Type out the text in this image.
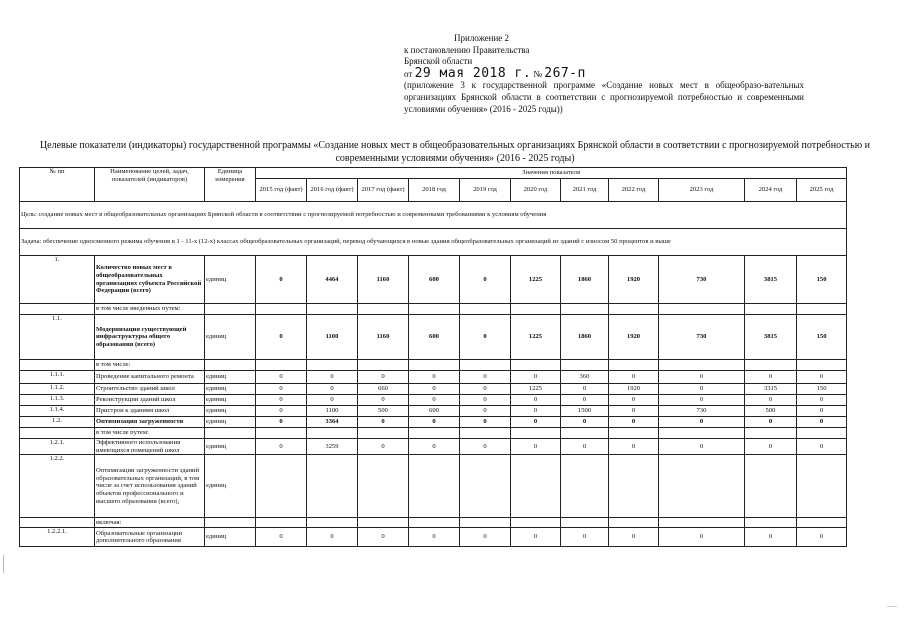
Приложение 2
к постановлению Правительства
Брянской области
от 29 мая 2018 г. № 267-п
(приложение 3 к государственной программе «Создание новых мест в общеобразо-вательных организациях Брянской области в соответствии с прогнозируемой потребностью и современными условиями обучения» (2016 - 2025 годы))
Целевые показатели (индикаторы) государственной программы «Создание новых мест в общеобразовательных организациях Брянской области в соответствии с прогнозируемой потребностью и современными условиями обучения» (2016 - 2025 годы)
№ пп	Наименование целей, задач, показателей (индикаторов)	Единица измерения	Значения показателя										
			2015 год (факт)	2016 год (факт)	2017 год (факт)	2018 год	2019 год	2020 год	2021 год	2022 год	2023 год	2024 год	2025 год
Цель: создание новых мест в общеобразовательных организациях Брянской области в соответствии с прогнозируемой потребностью и современными требованиями к условиям обучения													
Задача: обеспечение односменного режима обучения в 1 - 11-х (12-х) классах общеобразовательных организаций, перевод обучающихся в новые здания общеобразовательных организаций из зданий с износом 50 процентов и выше													
1.	Количество новых мест в общеобразовательных организациях субъекта Российской Федерации (всего)	единиц	0	4464	1160	600	0	1225	1860	1920	730	3815	150
	в том числе введенных путем:												
1.1.	Модернизация существующей инфраструктуры общего образования (всего)	единиц	0	1100	1160	600	0	1225	1860	1920	730	3815	150
	в том числе:												
1.1.1.	Проведение капитального ремонта	единиц	0	0	0	0	0	0	360	0	0	0	0
1.1.2.	Строительство зданий школ	единиц	0	0	660	0	0	1225	0	1920	0	3315	150
1.1.3.	Реконструкции зданий школ	единиц	0	0	0	0	0	0	0	0	0	0	0
1.1.4.	Пристрои к зданиям школ	единиц	0	1100	500	600	0	0	1500	0	730	500	0
1.2.	Оптимизация загруженности	единиц	0	3364	0	0	0	0	0	0	0	0	0
	в том числе путем:												
1.2.1.	Эффективного использования имеющихся помещений школ	единиц	0	3259	0	0	0	0	0	0	0	0	0
1.2.2.	Оптимизации загруженности зданий образовательных организаций, в том числе за счет использования зданий объектов профессионального и высшего образования (всего),	единиц											
	включая:												
1.2.2.1.	Образовательные организации дополнительного образования	единиц	0	0	0	0	0	0	0	0	0	0	0
